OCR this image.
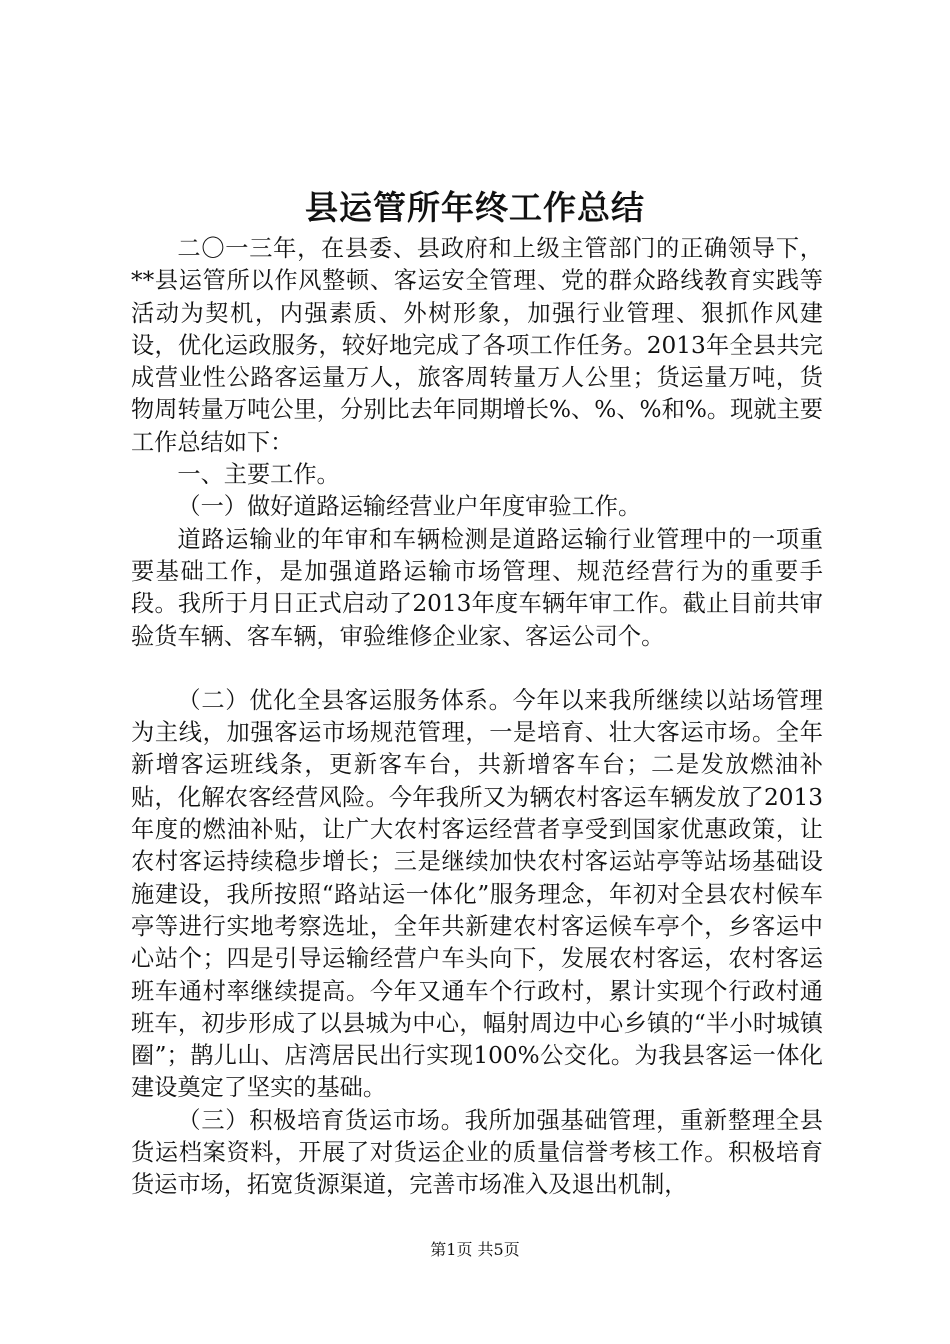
县运管所年终工作总结

二〇一三年，在县委、县政府和上级主管部门的正确领导下，**县运管所以作风整顿、客运安全管理、党的群众路线教育实践等活动为契机，内强素质、外树形象，加强行业管理、狠抓作风建设，优化运政服务，较好地完成了各项工作任务。2013年全县共完成营业性公路客运量万人，旅客周转量万人公里；货运量万吨，货物周转量万吨公里，分别比去年同期增长%、%、%和%。现就主要工作总结如下：

一、主要工作。

（一）做好道路运输经营业户年度审验工作。

道路运输业的年审和车辆检测是道路运输行业管理中的一项重要基础工作，是加强道路运输市场管理、规范经营行为的重要手段。我所于月日正式启动了2013年度车辆年审工作。截止目前共审验货车辆、客车辆，审验维修企业家、客运公司个。

（二）优化全县客运服务体系。今年以来我所继续以站场管理为主线，加强客运市场规范管理，一是培育、壮大客运市场。全年新增客运班线条，更新客车台，共新增客车台；二是发放燃油补贴，化解农客经营风险。今年我所又为辆农村客运车辆发放了2013年度的燃油补贴，让广大农村客运经营者享受到国家优惠政策，让农村客运持续稳步增长；三是继续加快农村客运站亭等站场基础设施建设，我所按照“路站运一体化”服务理念，年初对全县农村候车亭等进行实地考察选址，全年共新建农村客运候车亭个，乡客运中心站个；四是引导运输经营户车头向下，发展农村客运，农村客运班车通村率继续提高。今年又通车个行政村，累计实现个行政村通班车，初步形成了以县城为中心，幅射周边中心乡镇的“半小时城镇圈”；鹊儿山、店湾居民出行实现100%公交化。为我县客运一体化建设奠定了坚实的基础。

（三）积极培育货运市场。我所加强基础管理，重新整理全县货运档案资料，开展了对货运企业的质量信誉考核工作。积极培育货运市场，拓宽货源渠道，完善市场准入及退出机制，

第1页 共5页
